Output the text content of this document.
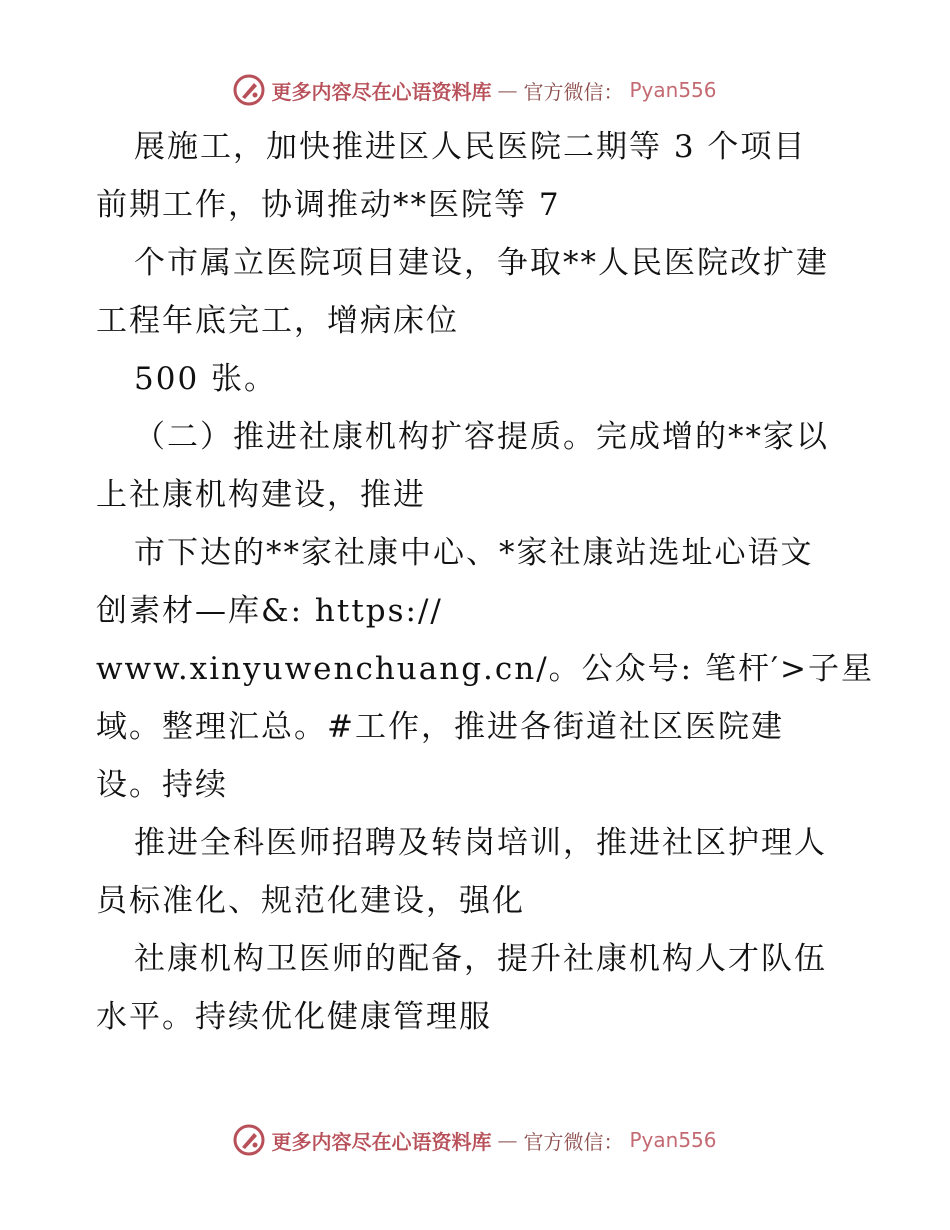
更多内容尽在心语资料库 — 官方微信： Pyan556
展施工，加快推进区人民医院二期等 3 个项目
前期工作，协调推动**医院等 7
个市属立医院项目建设，争取**人民医院改扩建
工程年底完工，增病床位
500 张。
（二）推进社康机构扩容提质。完成增的**家以
上社康机构建设，推进
市下达的**家社康中心、*家社康站选址心语文
创素材—库&: https://
www.xinyuwenchuang.cn/。公众号: 笔杆′>子星
域。整理汇总。#工作，推进各街道社区医院建
设。持续
推进全科医师招聘及转岗培训，推进社区护理人
员标准化、规范化建设，强化
社康机构卫医师的配备，提升社康机构人才队伍
水平。持续优化健康管理服
更多内容尽在心语资料库 — 官方微信： Pyan556
